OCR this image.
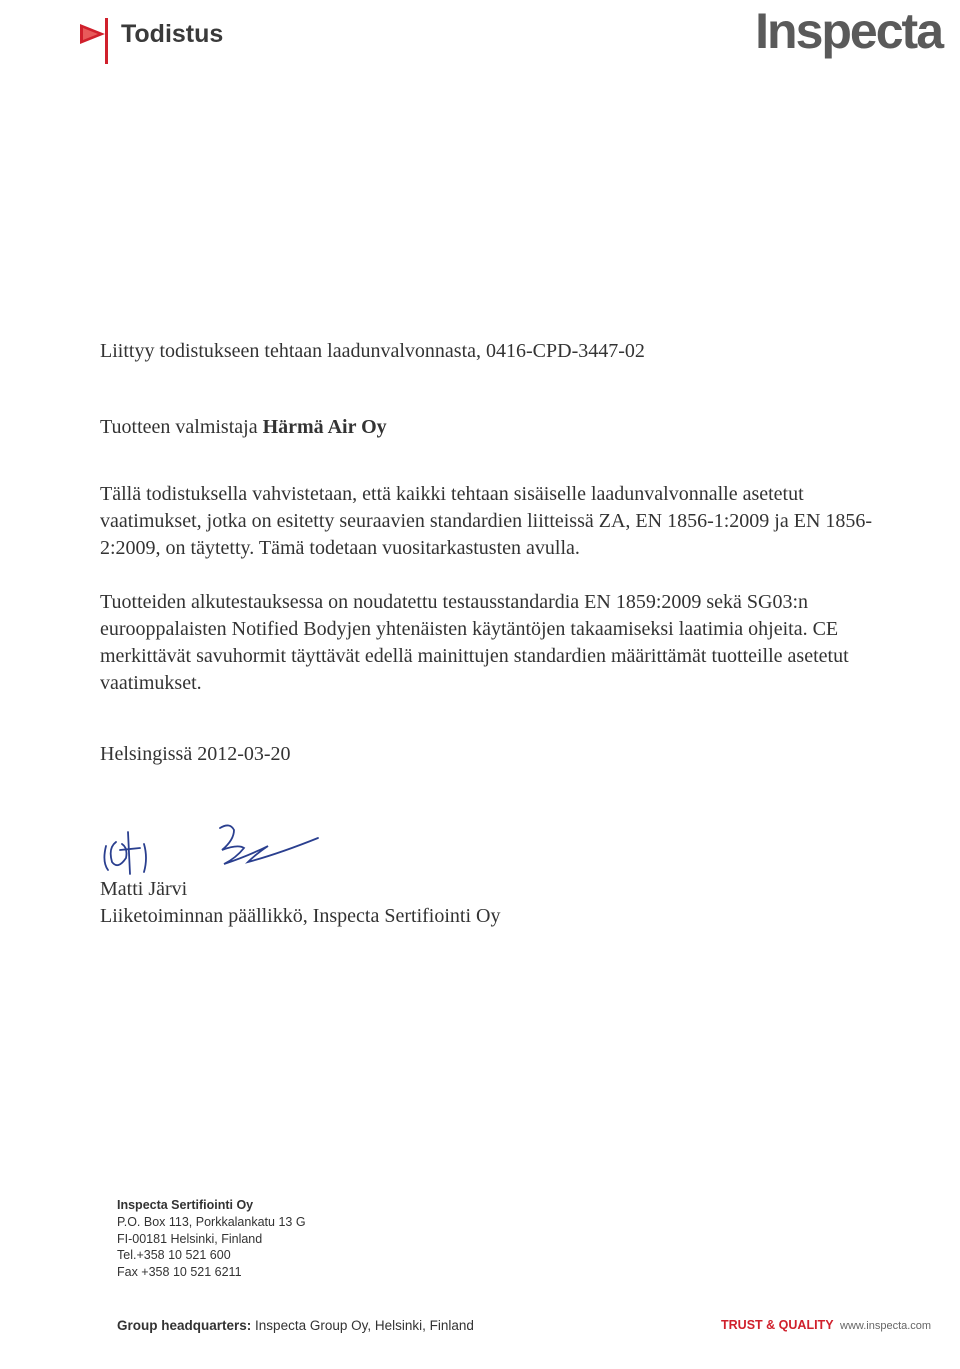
Todistus	Inspecta
Liittyy todistukseen tehtaan laadunvalvonnasta, 0416-CPD-3447-02
Tuotteen valmistaja Härmä Air Oy
Tällä todistuksella vahvistetaan, että kaikki tehtaan sisäiselle laadunvalvonnalle asetetut vaatimukset, jotka on esitetty seuraavien standardien liitteissä ZA, EN 1856-1:2009 ja EN 1856-2:2009, on täytetty. Tämä todetaan vuositarkastusten avulla.
Tuotteiden alkutestauksessa on noudatettu testausstandardia EN 1859:2009 sekä SG03:n eurooppalaisten Notified Bodyjen yhtenäisten käytäntöjen takaamiseksi laatimia ohjeita. CE merkittävät savuhormit täyttävät edellä mainittujen standardien määrittämät tuotteille asetetut vaatimukset.
Helsingissä 2012-03-20
Matti Järvi
Liiketoiminnan päällikkö, Inspecta Sertifiointi Oy
Inspecta Sertifiointi Oy
P.O. Box 113, Porkkalankatu 13 G
FI-00181 Helsinki, Finland
Tel.+358 10 521 600
Fax +358 10 521 6211
Group headquarters: Inspecta Group Oy, Helsinki, Finland	TRUST & QUALITY www.inspecta.com
